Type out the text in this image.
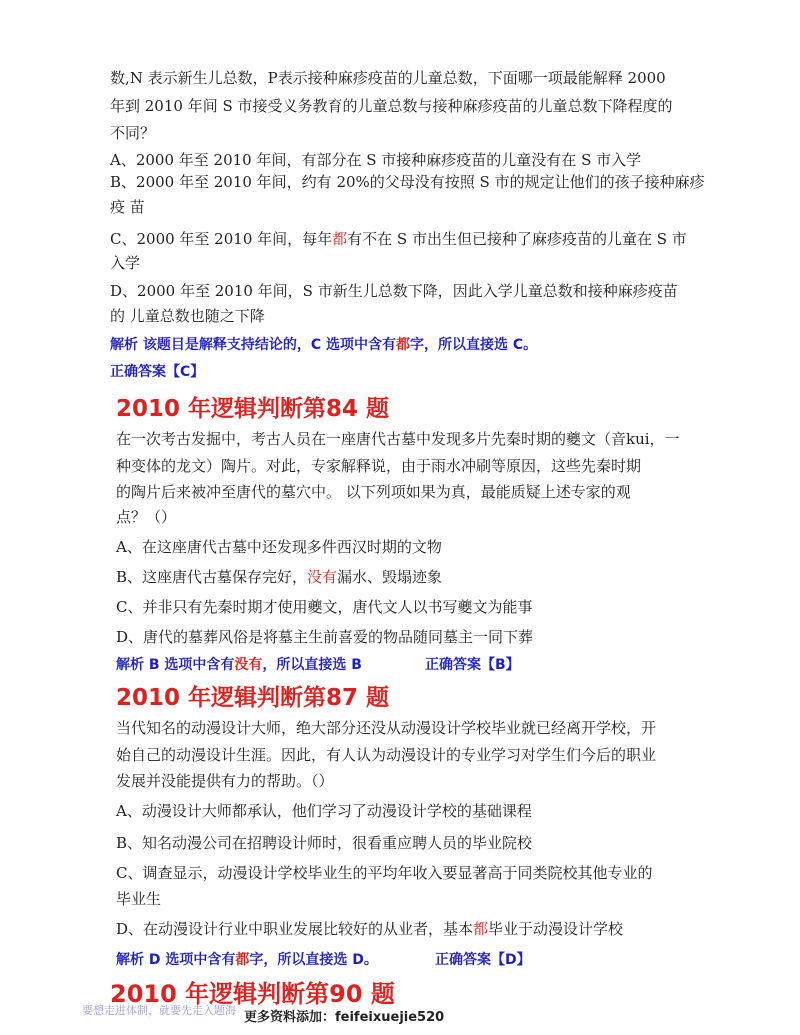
数,N 表示新生儿总数，P表示接种麻疹疫苗的儿童总数，下面哪一项最能解释 2000
年到 2010 年间 S 市接受义务教育的儿童总数与接种麻疹疫苗的儿童总数下降程度的
不同？
A、2000 年至 2010 年间，有部分在 S 市接种麻疹疫苗的儿童没有在 S 市入学
B、2000 年至 2010 年间，约有 20%的父母没有按照 S 市的规定让他们的孩子接种麻疹
疫 苗
C、2000 年至 2010 年间，每年都有不在 S 市出生但已接种了麻疹疫苗的儿童在 S 市
入学
D、2000 年至 2010 年间，S 市新生儿总数下降，因此入学儿童总数和接种麻疹疫苗
的 儿童总数也随之下降
解析 该题目是解释支持结论的，C 选项中含有都字，所以直接选 C。
正确答案【C】
2010 年逻辑判断第84 题
在一次考古发掘中，考古人员在一座唐代古墓中发现多片先秦时期的夔文（音kui，一
种变体的龙文）陶片。对此，专家解释说，由于雨水冲刷等原因，这些先秦时期
的陶片后来被冲至唐代的墓穴中。 以下列项如果为真，最能质疑上述专家的观
点？（）
A、在这座唐代古墓中还发现多件西汉时期的文物
B、这座唐代古墓保存完好，没有漏水、毁塌迹象
C、并非只有先秦时期才使用夔文，唐代文人以书写夔文为能事
D、唐代的墓葬风俗是将墓主生前喜爱的物品随同墓主一同下葬
解析 B 选项中含有没有，所以直接选 B	正确答案【B】
2010 年逻辑判断第87 题
当代知名的动漫设计大师，绝大部分还没从动漫设计学校毕业就已经离开学校，开
始自己的动漫设计生涯。因此，有人认为动漫设计的专业学习对学生们今后的职业
发展并没能提供有力的帮助。（）
A、动漫设计大师都承认，他们学习了动漫设计学校的基础课程
B、知名动漫公司在招聘设计师时，很看重应聘人员的毕业院校
C、调查显示，动漫设计学校毕业生的平均年收入要显著高于同类院校其他专业的
毕业生
D、在动漫设计行业中职业发展比较好的从业者，基本都毕业于动漫设计学校
解析 D 选项中含有都字，所以直接选 D。	正确答案【D】
2010 年逻辑判断第90 题
要想走进体制，就要先走入题海 更多资料添加：feifeixuejie520
